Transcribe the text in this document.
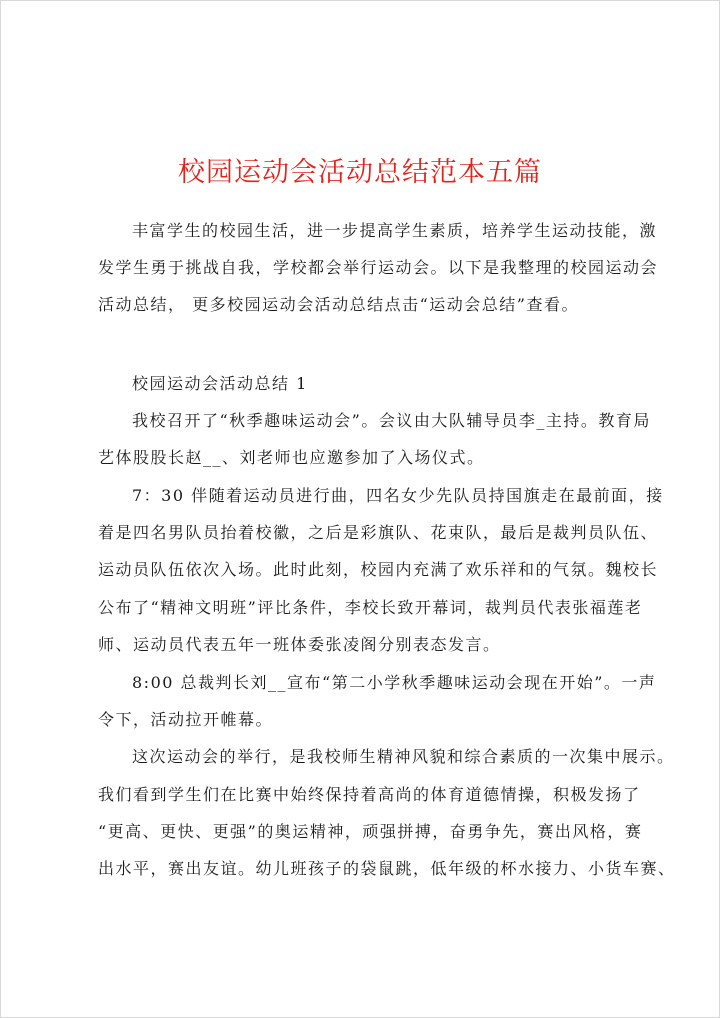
校园运动会活动总结范本五篇
丰富学生的校园生活，进一步提高学生素质，培养学生运动技能，激
发学生勇于挑战自我，学校都会举行运动会。以下是我整理的校园运动会
活动总结， 更多校园运动会活动总结点击“运动会总结”查看。
校园运动会活动总结 1
我校召开了“秋季趣味运动会”。会议由大队辅导员李_主持。教育局
艺体股股长赵__、刘老师也应邀参加了入场仪式。
7：30 伴随着运动员进行曲，四名女少先队员持国旗走在最前面，接
着是四名男队员抬着校徽，之后是彩旗队、花束队，最后是裁判员队伍、
运动员队伍依次入场。此时此刻，校园内充满了欢乐祥和的气氛。魏校长
公布了“精神文明班”评比条件，李校长致开幕词，裁判员代表张福莲老
师、运动员代表五年一班体委张凌阁分别表态发言。
8:00 总裁判长刘__宣布“第二小学秋季趣味运动会现在开始”。一声
令下，活动拉开帷幕。
这次运动会的举行，是我校师生精神风貌和综合素质的一次集中展示。
我们看到学生们在比赛中始终保持着高尚的体育道德情操，积极发扬了
“更高、更快、更强”的奥运精神，顽强拼搏，奋勇争先，赛出风格，赛
出水平，赛出友谊。幼儿班孩子的袋鼠跳，低年级的杯水接力、小货车赛、
